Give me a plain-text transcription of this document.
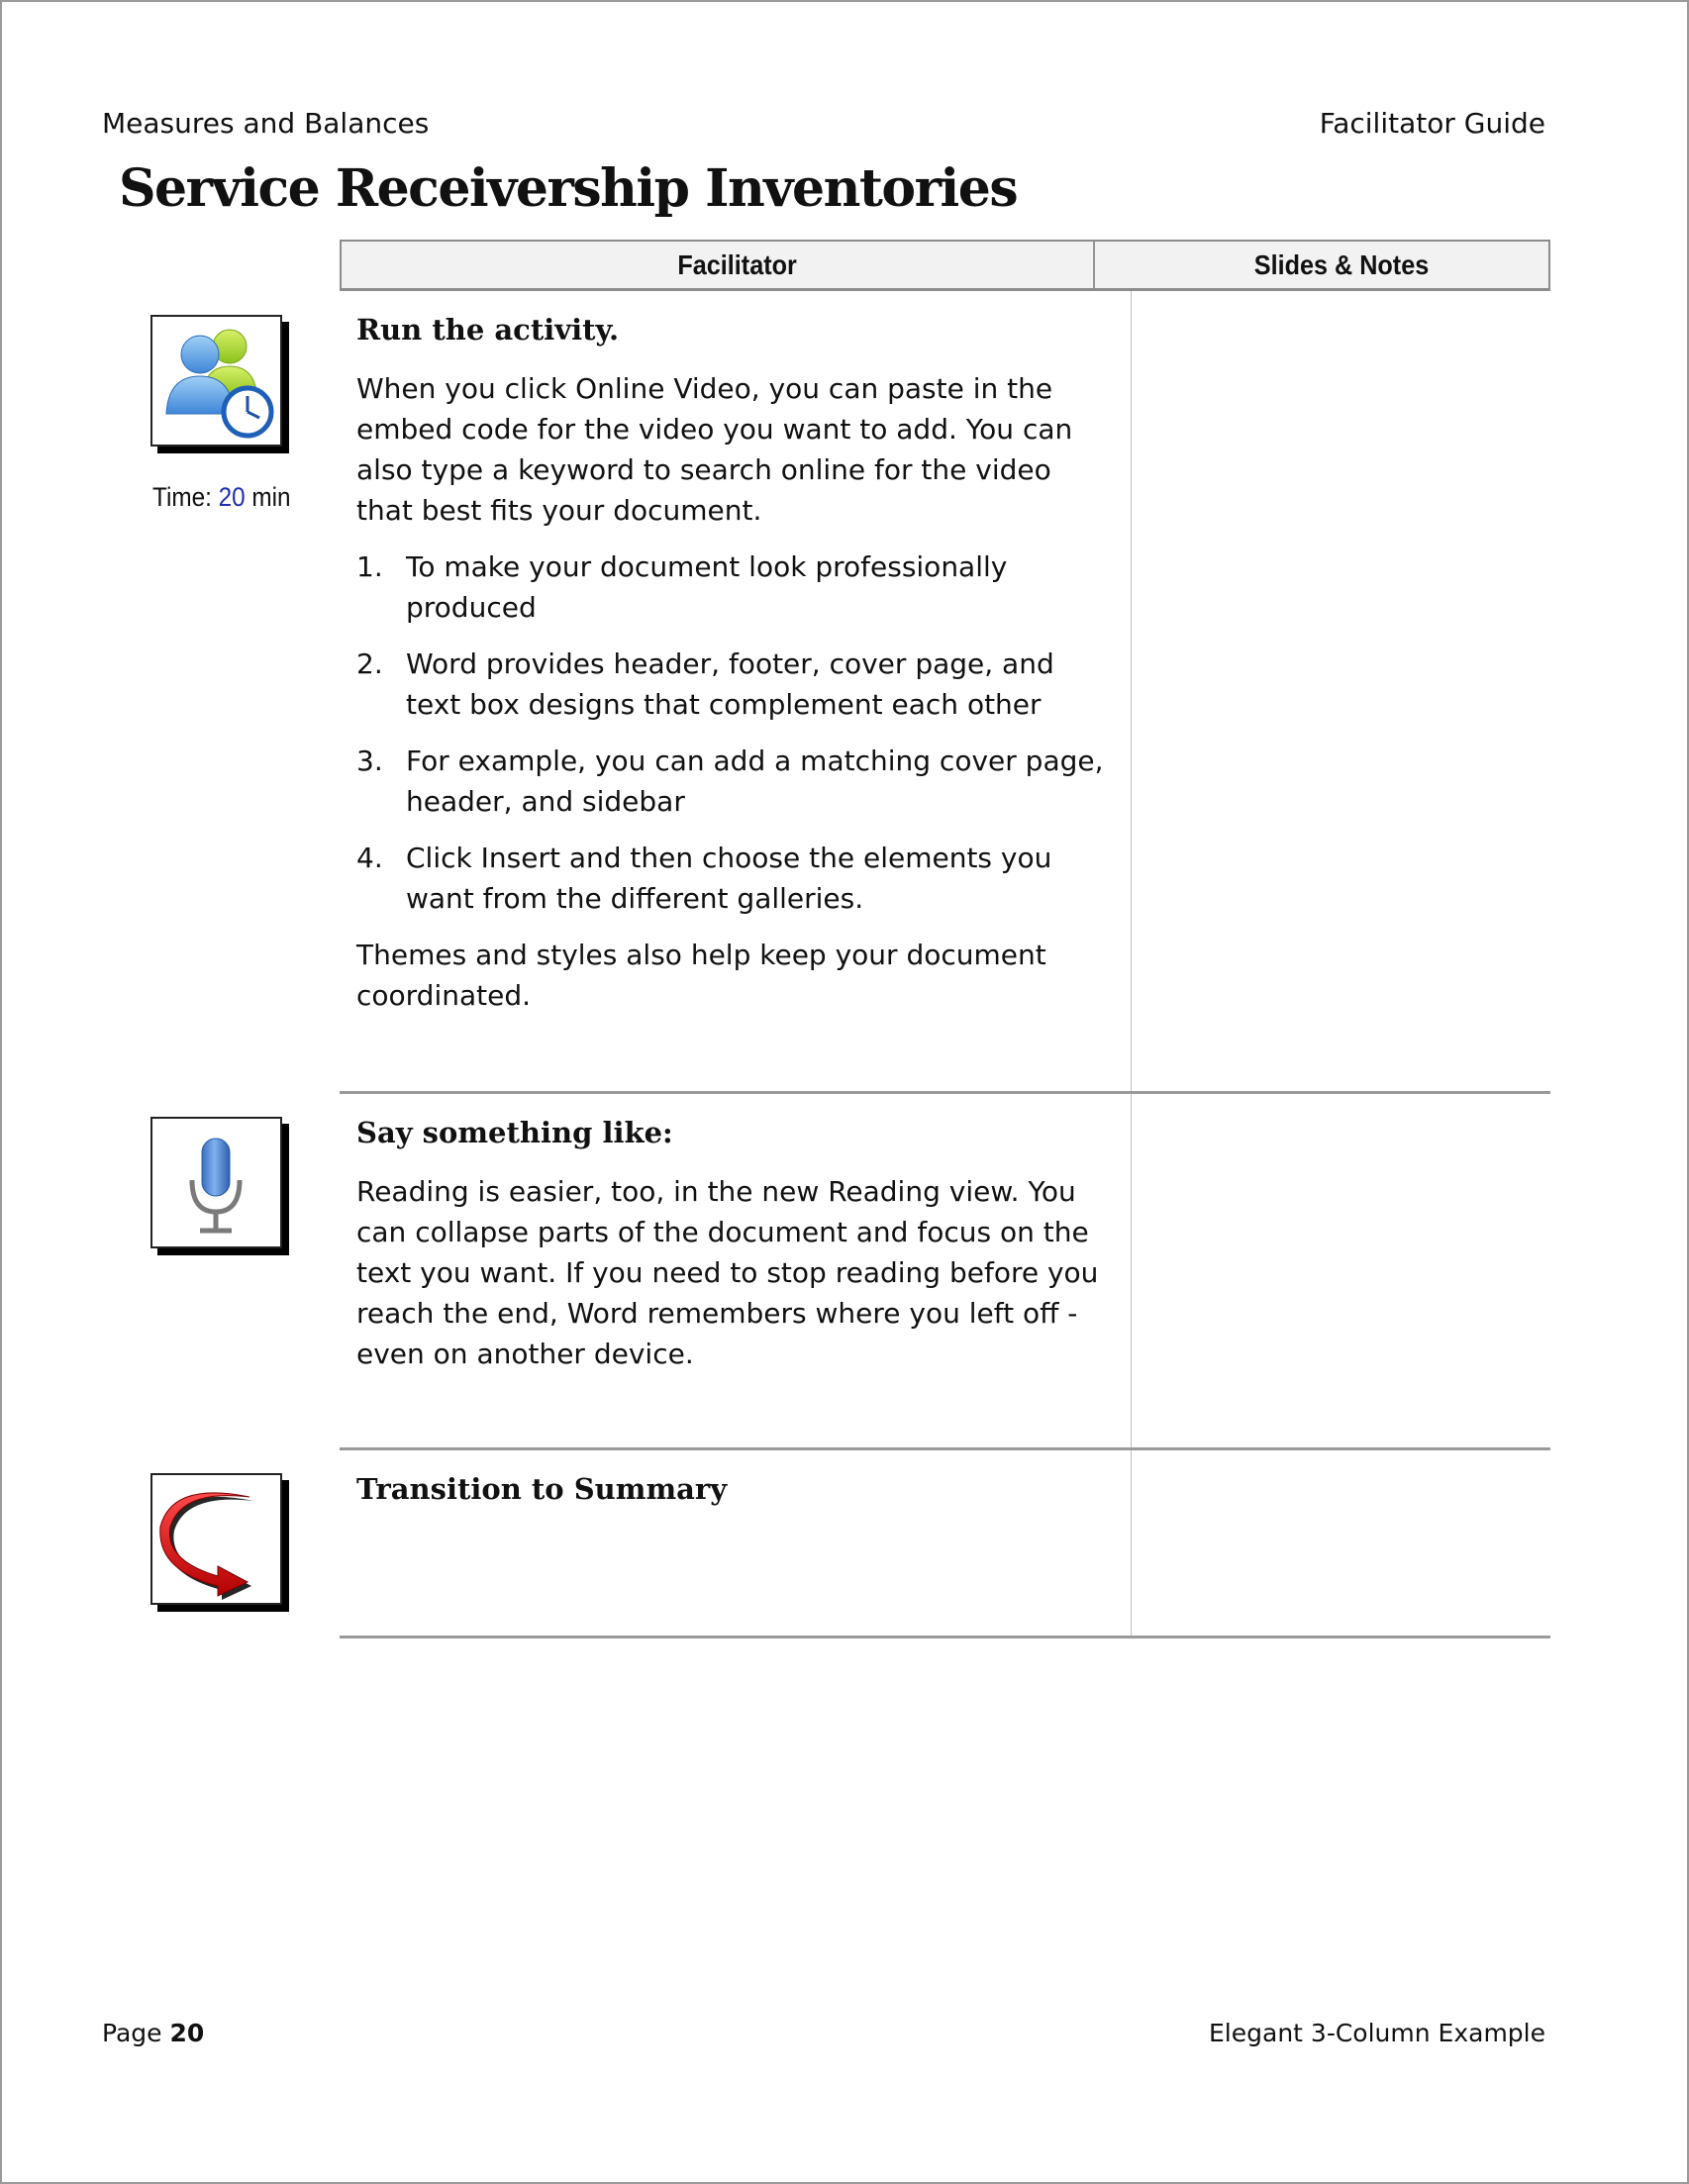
Measures and Balances	Facilitator Guide
Service Receivership Inventories
Time: 20 min
Facilitator	Slides & Notes
Run the activity.

When you click Online Video, you can paste in the embed code for the video you want to add. You can also type a keyword to search online for the video that best fits your document.

1. To make your document look professionally produced
2. Word provides header, footer, cover page, and text box designs that complement each other
3. For example, you can add a matching cover page, header, and sidebar
4. Click Insert and then choose the elements you want from the different galleries.

Themes and styles also help keep your document coordinated.

Say something like:

Reading is easier, too, in the new Reading view. You can collapse parts of the document and focus on the text you want. If you need to stop reading before you reach the end, Word remembers where you left off - even on another device.

Transition to Summary
Page 20	Elegant 3-Column Example
